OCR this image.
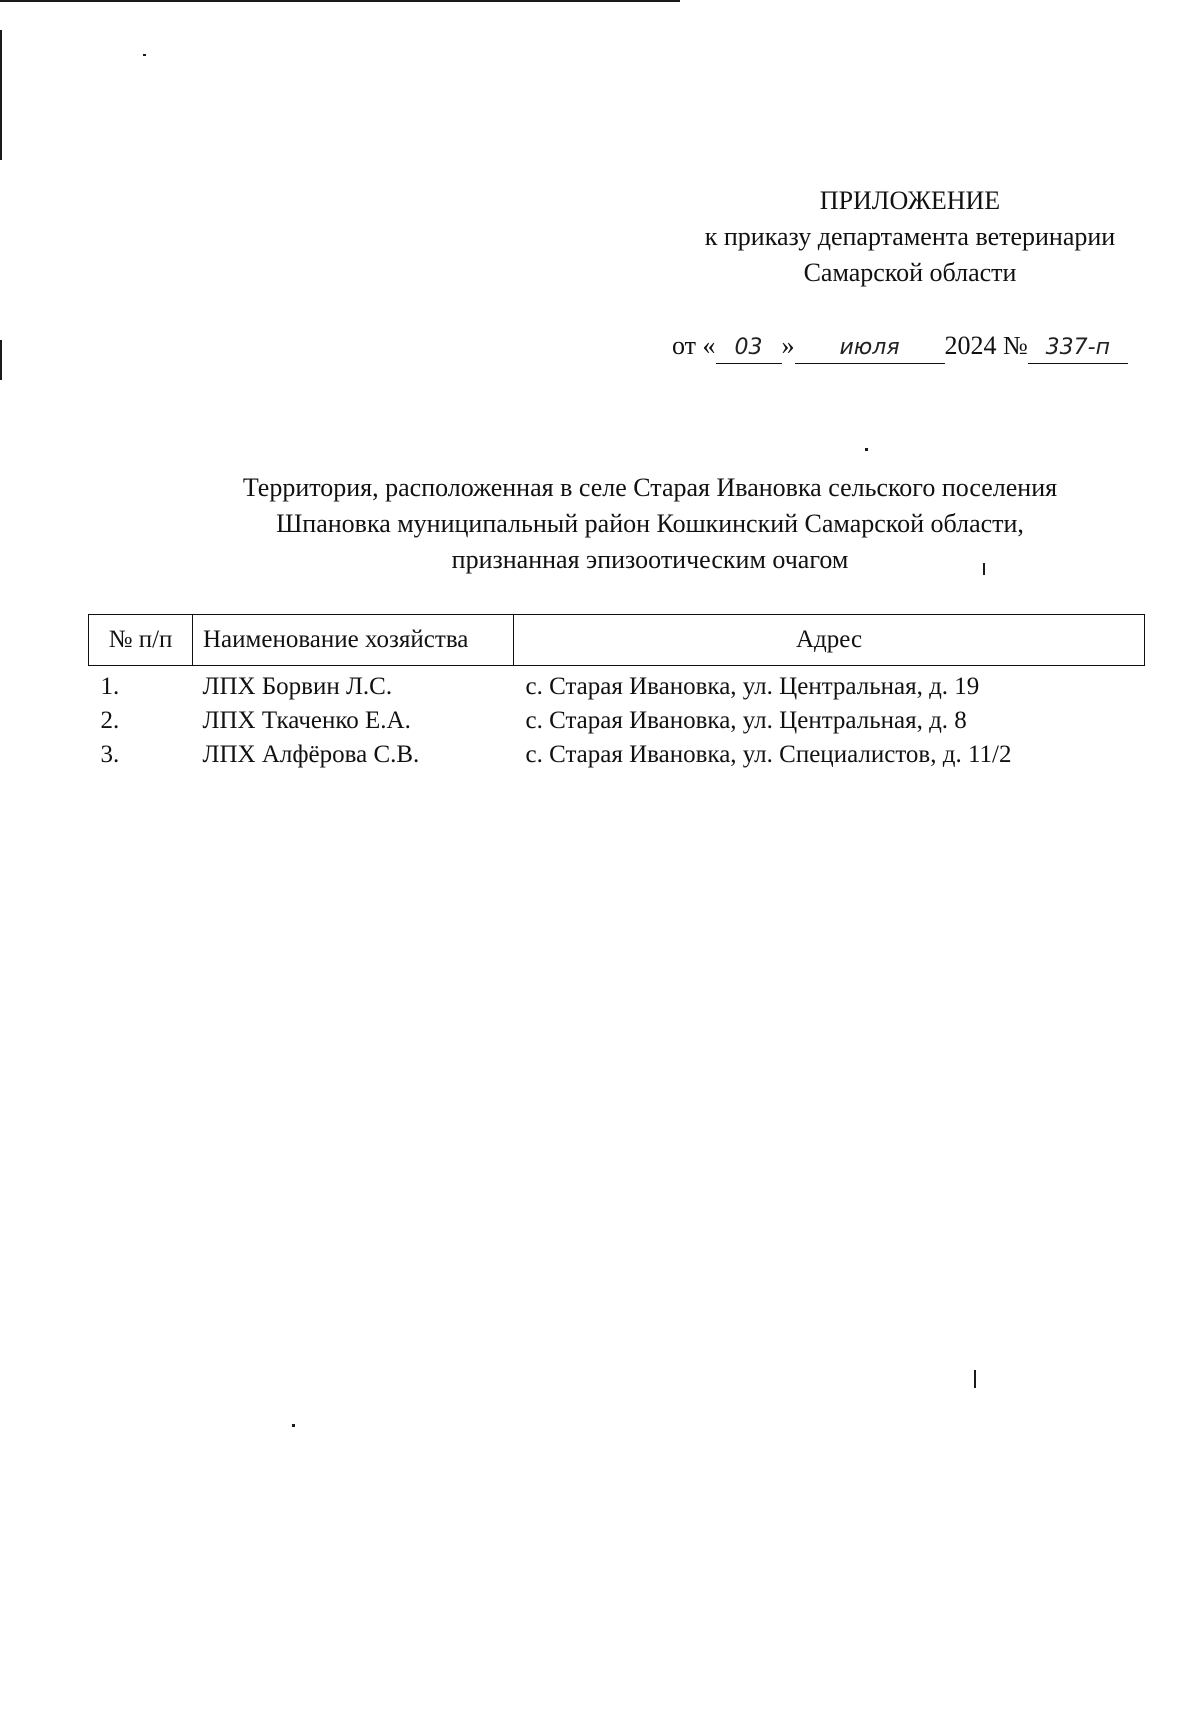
ПРИЛОЖЕНИЕ
к приказу департамента ветеринарии
Самарской области
от « 03 » июля 2024 № 337-п
Территория, расположенная в селе Старая Ивановка сельского поселения
Шпановка муниципальный район Кошкинский Самарской области,
признанная эпизоотическим очагом
№ п/п	Наименование хозяйства	Адрес
1.	ЛПХ Борвин Л.С.	с. Старая Ивановка, ул. Центральная, д. 19
2.	ЛПХ Ткаченко Е.А.	с. Старая Ивановка, ул. Центральная, д. 8
3.	ЛПХ Алфёрова С.В.	с. Старая Ивановка, ул. Специалистов, д. 11/2
